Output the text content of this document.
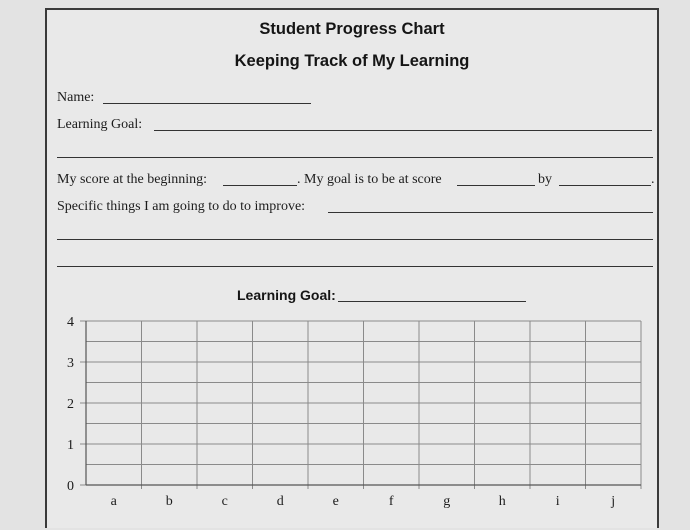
Student Progress Chart
Keeping Track of My Learning
Name:
Learning Goal:
My score at the beginning:	. My goal is to be at score	by	.
Specific things I am going to do to improve:
Learning Goal:
0
1
2
3
4
a	b	c	d	e	f	g	h	i	j
